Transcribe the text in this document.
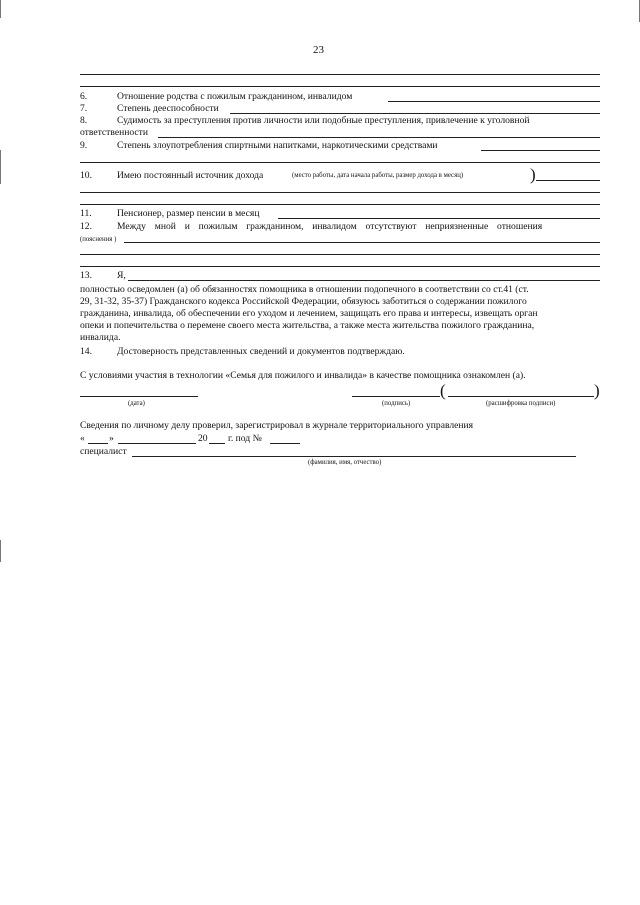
23
6.	Отношение родства с пожилым гражданином, инвалидом
7.	Степень дееспособности
8.	Судимость за преступления против личности или подобные преступления, привлечение к уголовной
ответственности
9.	Степень злоупотребления спиртными напитками, наркотическими средствами
10.	Имею постоянный источник дохода	(место работы, дата начала работы, размер дохода в месяц)	)
11.	Пенсионер, размер пенсии в месяц
12.	Между мной и пожилым гражданином, инвалидом отсутствуют неприязненные отношения
(пояснения )
13.	Я,
полностью осведомлен (а) об обязанностях помощника в отношении подопечного в соответствии со ст.41 (ст.
29, 31-32, 35-37) Гражданского кодекса Российской Федерации, обязуюсь заботиться о содержании пожилого
гражданина, инвалида, об обеспечении его уходом и лечением, защищать его права и интересы, извещать орган
опеки и попечительства о перемене своего места жительства, а также места жительства пожилого гражданина,
инвалида.
14.	Достоверность представленных сведений и документов подтверждаю.
С условиями участия в технологии «Семья для пожилого и инвалида» в качестве помощника ознакомлен (а).
(	)
(дата)	(подпись)	(расшифровка подписи)
Сведения по личному делу проверил, зарегистрировал в журнале территориального управления
«	»	20 г. под №
специалист
(фамилия, имя, отчество)
